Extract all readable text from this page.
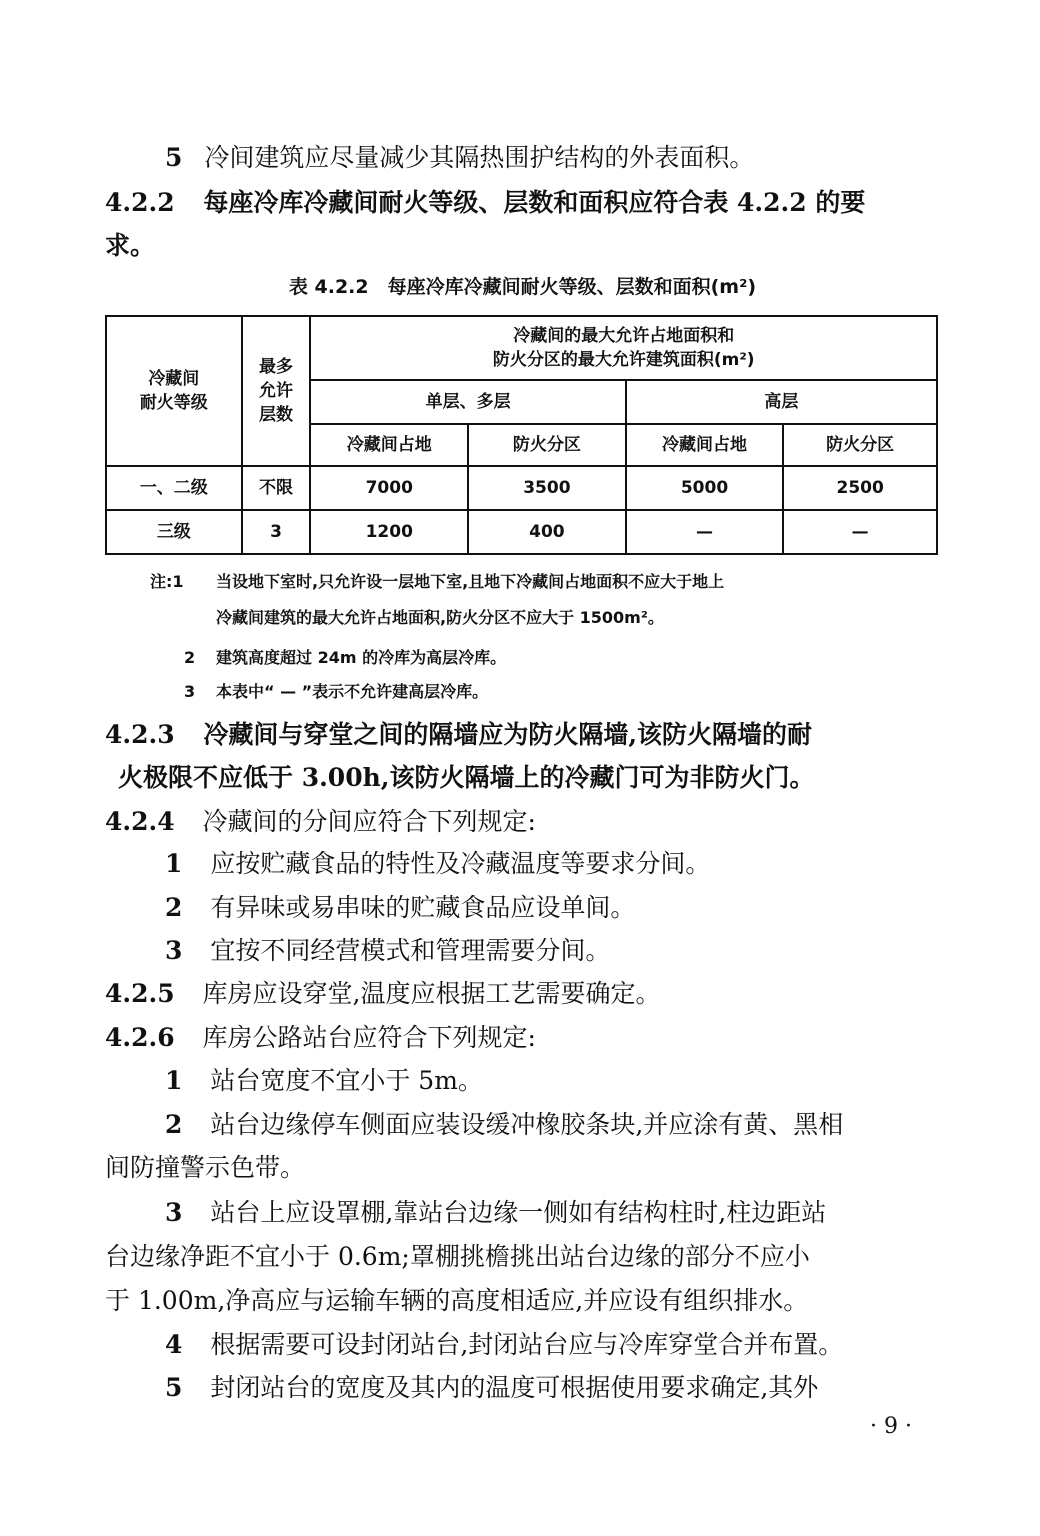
5 冷间建筑应尽量减少其隔热围护结构的外表面积。
4.2.2 每座冷库冷藏间耐火等级、层数和面积应符合表 4.2.2 的要
求。
表 4.2.2　每座冷库冷藏间耐火等级、层数和面积(m²)
冷藏间
耐火等级	最多
允许
层数	冷藏间的最大允许占地面积和
防火分区的最大允许建筑面积(m²)			
		单层、多层		高层	
		冷藏间占地	防火分区	冷藏间占地	防火分区
一、二级	不限	7000	3500	5000	2500
三级	3	1200	400	—	—
注:1 当设地下室时,只允许设一层地下室,且地下冷藏间占地面积不应大于地上
冷藏间建筑的最大允许占地面积,防火分区不应大于 1500m²。
2 建筑高度超过 24m 的冷库为高层冷库。
3 本表中“ — ”表示不允许建高层冷库。
4.2.3 冷藏间与穿堂之间的隔墙应为防火隔墙,该防火隔墙的耐
火极限不应低于 3.00h,该防火隔墙上的冷藏门可为非防火门。
4.2.4 冷藏间的分间应符合下列规定:
1 应按贮藏食品的特性及冷藏温度等要求分间。
2 有异味或易串味的贮藏食品应设单间。
3 宜按不同经营模式和管理需要分间。
4.2.5 库房应设穿堂,温度应根据工艺需要确定。
4.2.6 库房公路站台应符合下列规定:
1 站台宽度不宜小于 5m。
2 站台边缘停车侧面应装设缓冲橡胶条块,并应涂有黄、黑相
间防撞警示色带。
3 站台上应设罩棚,靠站台边缘一侧如有结构柱时,柱边距站
台边缘净距不宜小于 0.6m;罩棚挑檐挑出站台边缘的部分不应小
于 1.00m,净高应与运输车辆的高度相适应,并应设有组织排水。
4 根据需要可设封闭站台,封闭站台应与冷库穿堂合并布置。
5 封闭站台的宽度及其内的温度可根据使用要求确定,其外
· 9 ·
